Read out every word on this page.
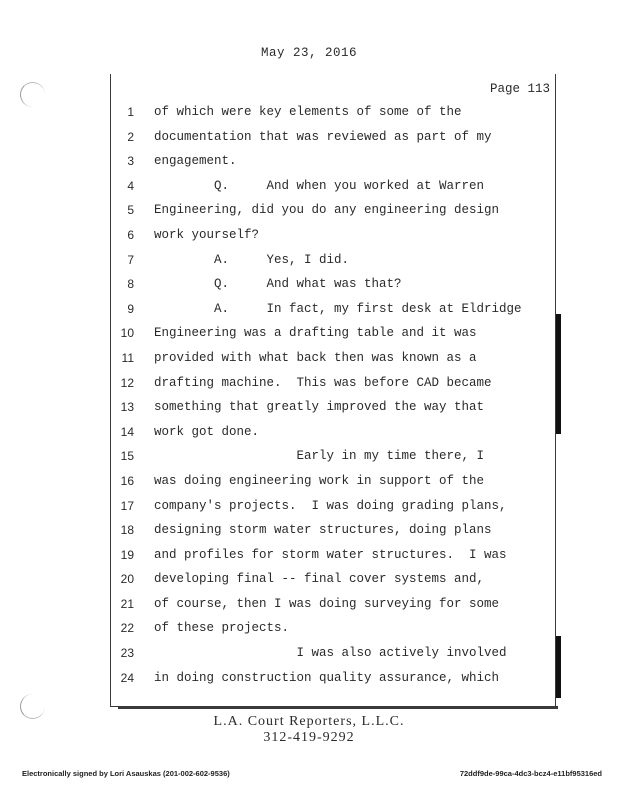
May 23, 2016
Page 113
1
2
3
4
5
6
7
8
9
10
11
12
13
14
15
16
17
18
19
20
21
22
23
24
of which were key elements of some of the
documentation that was reviewed as part of my
engagement.
Q.     And when you worked at Warren
Engineering, did you do any engineering design
work yourself?
A.     Yes, I did.
Q.     And what was that?
A.     In fact, my first desk at Eldridge
Engineering was a drafting table and it was
provided with what back then was known as a
drafting machine.  This was before CAD became
something that greatly improved the way that
work got done.
Early in my time there, I
was doing engineering work in support of the
company's projects.  I was doing grading plans,
designing storm water structures, doing plans
and profiles for storm water structures.  I was
developing final -- final cover systems and,
of course, then I was doing surveying for some
of these projects.
I was also actively involved
in doing construction quality assurance, which
L.A. Court Reporters, L.L.C.
312-419-9292
Electronically signed by Lori Asauskas (201-002-602-9536)	72ddf9de-99ca-4dc3-bcz4-e11bf95316ed
